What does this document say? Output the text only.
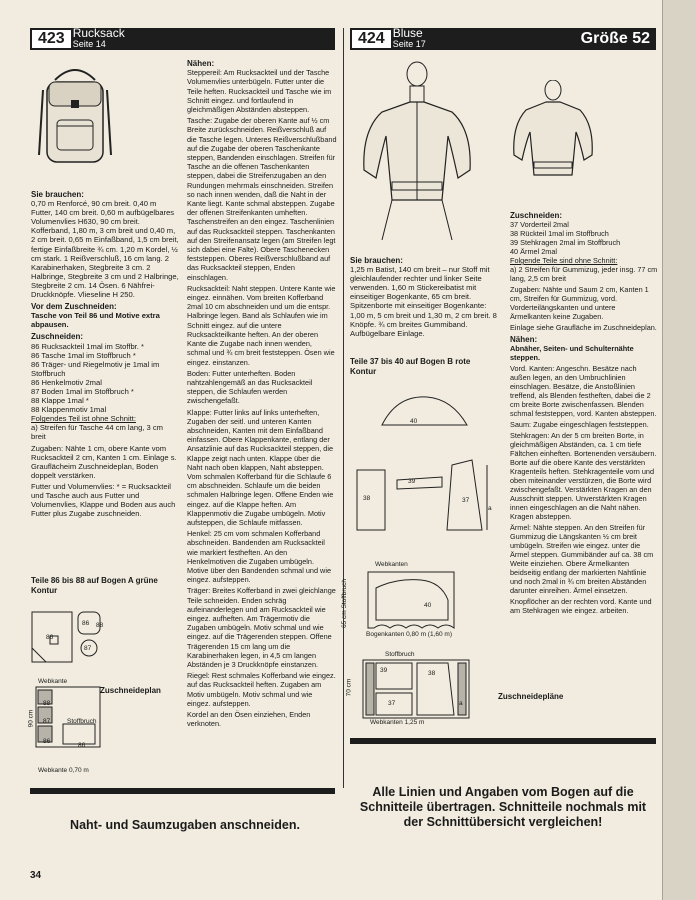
423 Rucksack
Seite 14	424 Bluse
Seite 17	Größe 52
Sie brauchen:

0,70 m Renforcé, 90 cm breit. 0,40 m Futter, 140 cm breit. 0,60 m aufbügelbares Volumenvlies H630, 90 cm breit. Kofferband, 1,80 m, 3 cm breit und 0,40 m, 2 cm breit. 0,65 m Einfaßband, 1,5 cm breit, fertige Einfaßbreite ¾ cm. 1,20 m Kordel, ½ cm stark. 1 Reißverschluß, 16 cm lang. 2 Karabinerhaken, Stegbreite 3 cm. 2 Halbringe, Stegbreite 3 cm und 2 Halbringe, Stegbreite 2 cm. 14 Ösen. 6 Nähfrei-Druckknöpfe. Vlieseline H 250.

Vor dem Zuschneiden:

Tasche von Teil 86 und Motive extra abpausen.

Zuschneiden:
86 Rucksackteil 1mal im Stoffbr. *
86 Tasche 1mal im Stoffbruch *
86 Träger- und Riegelmotiv je 1mal im Stoffbruch
86 Henkelmotiv 2mal
87 Boden 1mal im Stoffbruch *
88 Klappe 1mal *
88 Klappenmotiv 1mal
Folgendes Teil ist ohne Schnitt:

a) Streifen für Tasche 44 cm lang, 3 cm breit

Zugaben: Nähte 1 cm, obere Kante vom Rucksackteil 2 cm, Kanten 1 cm. Einlage s. Grauflächeim Zuschneideplan, Boden doppelt verstärken.

Futter und Volumenvlies: * = Rucksackteil und Tasche auch aus Futter und Volumenvlies, Klappe und Boden aus auch Futter plus Zugabe zuschneiden.

Teile 86 bis 88 auf Bogen A grüne Kontur
86
86
87
88
Webkante
Stoffbruch
Webkante 0,70 m
90 cm
88
87
86
86
Zuschneideplan
Nähen:

Steppereil: Am Rucksackteil und der Tasche Volumenvlies unterbügeln. Futter unter die Teile heften. Rucksackteil und Tasche wie im Schnitt eingez. und fortlaufend in gleichmäßigen Abständen absteppen.

Tasche: Zugabe der oberen Kante auf ½ cm Breite zurückschneiden. Reißverschluß auf die Tasche legen. Unteres Reißverschlußband auf die Zugabe der oberen Taschenkante steppen, Bandenden einschlagen. Streifen für Tasche an die offenen Taschenkanten steppen, dabei die Streifenzugaben an den Rundungen mehrmals einschneiden. Streifen so nach innen wenden, daß die Naht in der Kante liegt. Kante schmal absteppen. Zugabe der offenen Streifenkanten umheften. Taschenstreifen an den eingez. Taschenlinien auf das Rucksackteil steppen. Taschenkanten auf den Streifenansatz legen (am Streifen legt sich dabei eine Falte). Obere Taschenecken feststeppen. Oberes Reißverschlußband auf das Rucksackteil steppen, Enden einschlagen.

Rucksackteil: Naht steppen. Untere Kante wie eingez. einnähen. Vom breiten Kofferband 2mal 10 cm abschneiden und um die entspr. Halbringe legen. Band als Schlaufen wie im Schnitt eingez. auf die untere Rucksackteilkante heften. An der oberen Kante die Zugabe nach innen wenden, schmal und ¾ cm breit feststeppen. Ösen wie eingez. einstanzen.

Boden: Futter unterheften. Boden nahtzahlengemäß an das Rucksackteil steppen, die Schlaufen werden zwischengefaßt.

Klappe: Futter links auf links unterheften, Zugaben der seitl. und unteren Kanten abschneiden, Kanten mit dem Einfaßband einfassen. Obere Klappenkante, entlang der Ansatzlinie auf das Rucksackteil steppen, die Klappe zeigt nach unten. Klappe über die Naht nach oben klappen, Naht absteppen. Vom schmalen Kofferband für die Schlaufe 6 cm abschneiden. Schlaufe um die beiden schmalen Halbringe legen. Offene Enden wie eingez. auf die Klappe heften. Am Klappenmotiv die Zugabe umbügeln. Motiv aufsteppen, die Schlaufe mitfassen.

Henkel: 25 cm vom schmalen Kofferband abschneiden. Bandenden am Rucksackteil wie markiert festheften. An den Henkelmotiven die Zugaben umbügeln. Motive über den Bandenden schmal und wie eingez. aufsteppen.

Träger: Breites Kofferband in zwei gleichlange Teile schneiden. Enden schräg aufeinanderlegen und am Rucksackteil wie eingez. aufheften. Am Trägermotiv die Zugaben umbügeln. Motiv schmal und wie eingez. auf die Trägerenden steppen. Offene Trägerenden 15 cm lang um die Karabinerhaken legen, in 4,5 cm langen Abständen je 3 Druckknöpfe einstanzen.

Riegel: Rest schmales Kofferband wie eingez. auf das Rucksackteil heften. Zugaben am Motiv umbügeln. Motiv schmal und wie eingez. aufsteppen.

Kordel an den Ösen einziehen, Enden verknoten.

Sie brauchen:

1,25 m Batist, 140 cm breit – nur Stoff mit gleichlaufender rechter und linker Seite verwenden. 1,60 m Stickereibatist mit einseitiger Bogenkante, 65 cm breit. Spitzenborte mit einseitiger Bogenkante: 1,00 m, 5 cm breit und 1,30 m, 2 cm breit. 8 Knöpfe. ¾ cm breites Gummiband. Aufbügelbare Einlage.

Teile 37 bis 40 auf Bogen B rote Kontur
40
38
39
37
a
Webkanten
65 cm Stoffbruch
Bogenkanten 0,80 m (1,60 m)
40
Stoffbruch
70 cm
Webkanten 1,25 m
39	38
37	a
Zuschneidepläne
Zuschneiden:
37 Vorderteil 2mal
38 Rückteil 1mal im Stoffbruch
39 Stehkragen 2mal im Stoffbruch
40 Ärmel 2mal
Folgende Teile sind ohne Schnitt:

a) 2 Streifen für Gummizug, jeder insg. 77 cm lang, 2,5 cm breit

Zugaben: Nähte und Saum 2 cm, Kanten 1 cm, Streifen für Gummizug, vord. Vorderteilängskanten und untere Ärmelkanten keine Zugaben.

Einlage siehe Graufläche im Zuschneideplan.

Nähen:

Abnäher, Seiten- und Schulternähte steppen.

Vord. Kanten: Angeschn. Besätze nach außen legen, an den Umbruchlinien einschlagen. Besätze, die Anstoßlinien treffend, als Blenden festheften, dabei die 2 cm breite Borte zwischenfassen. Blenden schmal feststeppen, vord. Kanten absteppen.

Saum: Zugabe eingeschlagen feststeppen.

Stehkragen: An der 5 cm breiten Borte, in gleichmäßigen Abständen, ca. 1 cm tiefe Fältchen einheften. Bortenenden versäubern. Borte auf die obere Kante des verstärkten Kragenteils heften. Stehkragenteile vorn und oben miteinander verstürzen, die Borte wird zwischengefaßt. Verstärkten Kragen an den Ausschnitt steppen. Unverstärkten Kragen innen eingeschlagen an die Naht nähen. Kragen absteppen.

Ärmel: Nähte steppen. An den Streifen für Gummizug die Längskanten ½ cm breit umbügeln. Streifen wie eingez. unter die Ärmel steppen. Gummibänder auf ca. 38 cm Weite einziehen. Obere Ärmelkanten beidseitig entlang der markierten Nahtlinie und noch 2mal in ¾ cm breiten Abständen darunter einreihen. Ärmel einsetzen.

Knopflöcher an der rechten vord. Kante und am Stehkragen wie eingez. arbeiten.

Naht- und Saumzugaben anschneiden.
Alle Linien und Angaben vom Bogen auf die Schnitteile übertragen. Schnitteile nochmals mit der Schnittübersicht vergleichen!
34
